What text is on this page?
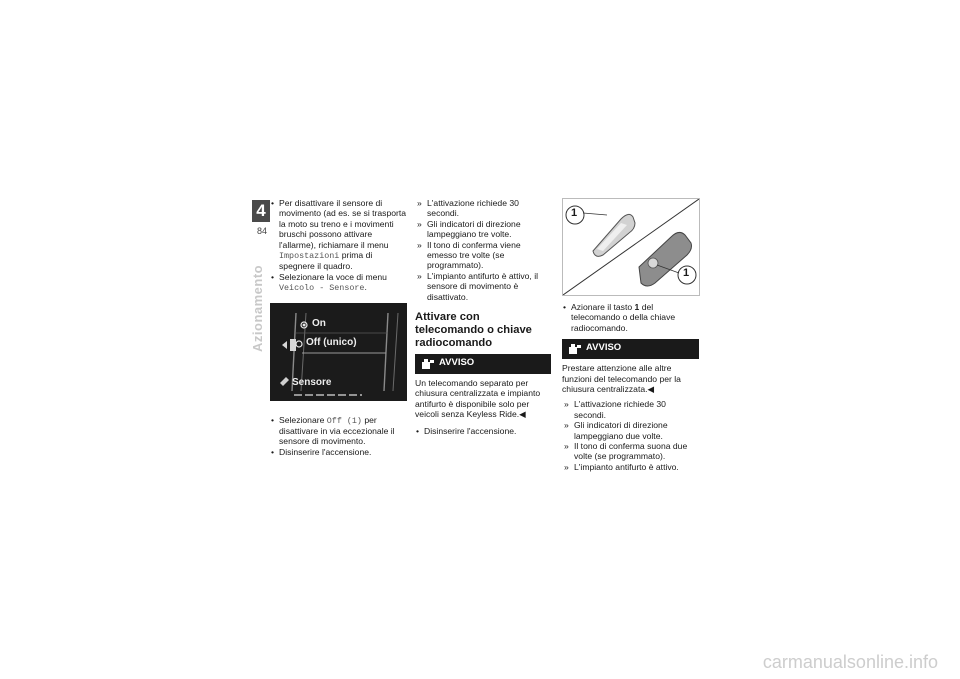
4
84
Azionamento

• Per disattivare il sensore di movimento (ad es. se si trasporta la moto su treno e i movimenti bruschi possono attivare l'allarme), richiamare il menu Impostazioni prima di spegnere il quadro.

• Selezionare la voce di menu Veicolo - Sensore.

On
Off (unico)
Sensore

• Selezionare Off (1) per disattivare in via eccezionale il sensore di movimento.

• Disinserire l'accensione.

» L'attivazione richiede 30 secondi.

» Gli indicatori di direzione lampeggiano tre volte.

» Il tono di conferma viene emesso tre volte (se programmato).

» L'impianto antifurto è attivo, il sensore di movimento è disattivato.

Attivare con telecomando o chiave radiocomando

AVVISO

Un telecomando separato per chiusura centralizzata e impianto antifurto è disponibile solo per veicoli senza Keyless Ride.◀

• Disinserire l'accensione.

1
1

• Azionare il tasto 1 del telecomando o della chiave radiocomando.

AVVISO

Prestare attenzione alle altre funzioni del telecomando per la chiusura centralizzata.◀

» L'attivazione richiede 30 secondi.

» Gli indicatori di direzione lampeggiano due volte.

» Il tono di conferma suona due volte (se programmato).

» L'impianto antifurto è attivo.

carmanualsonline.info
